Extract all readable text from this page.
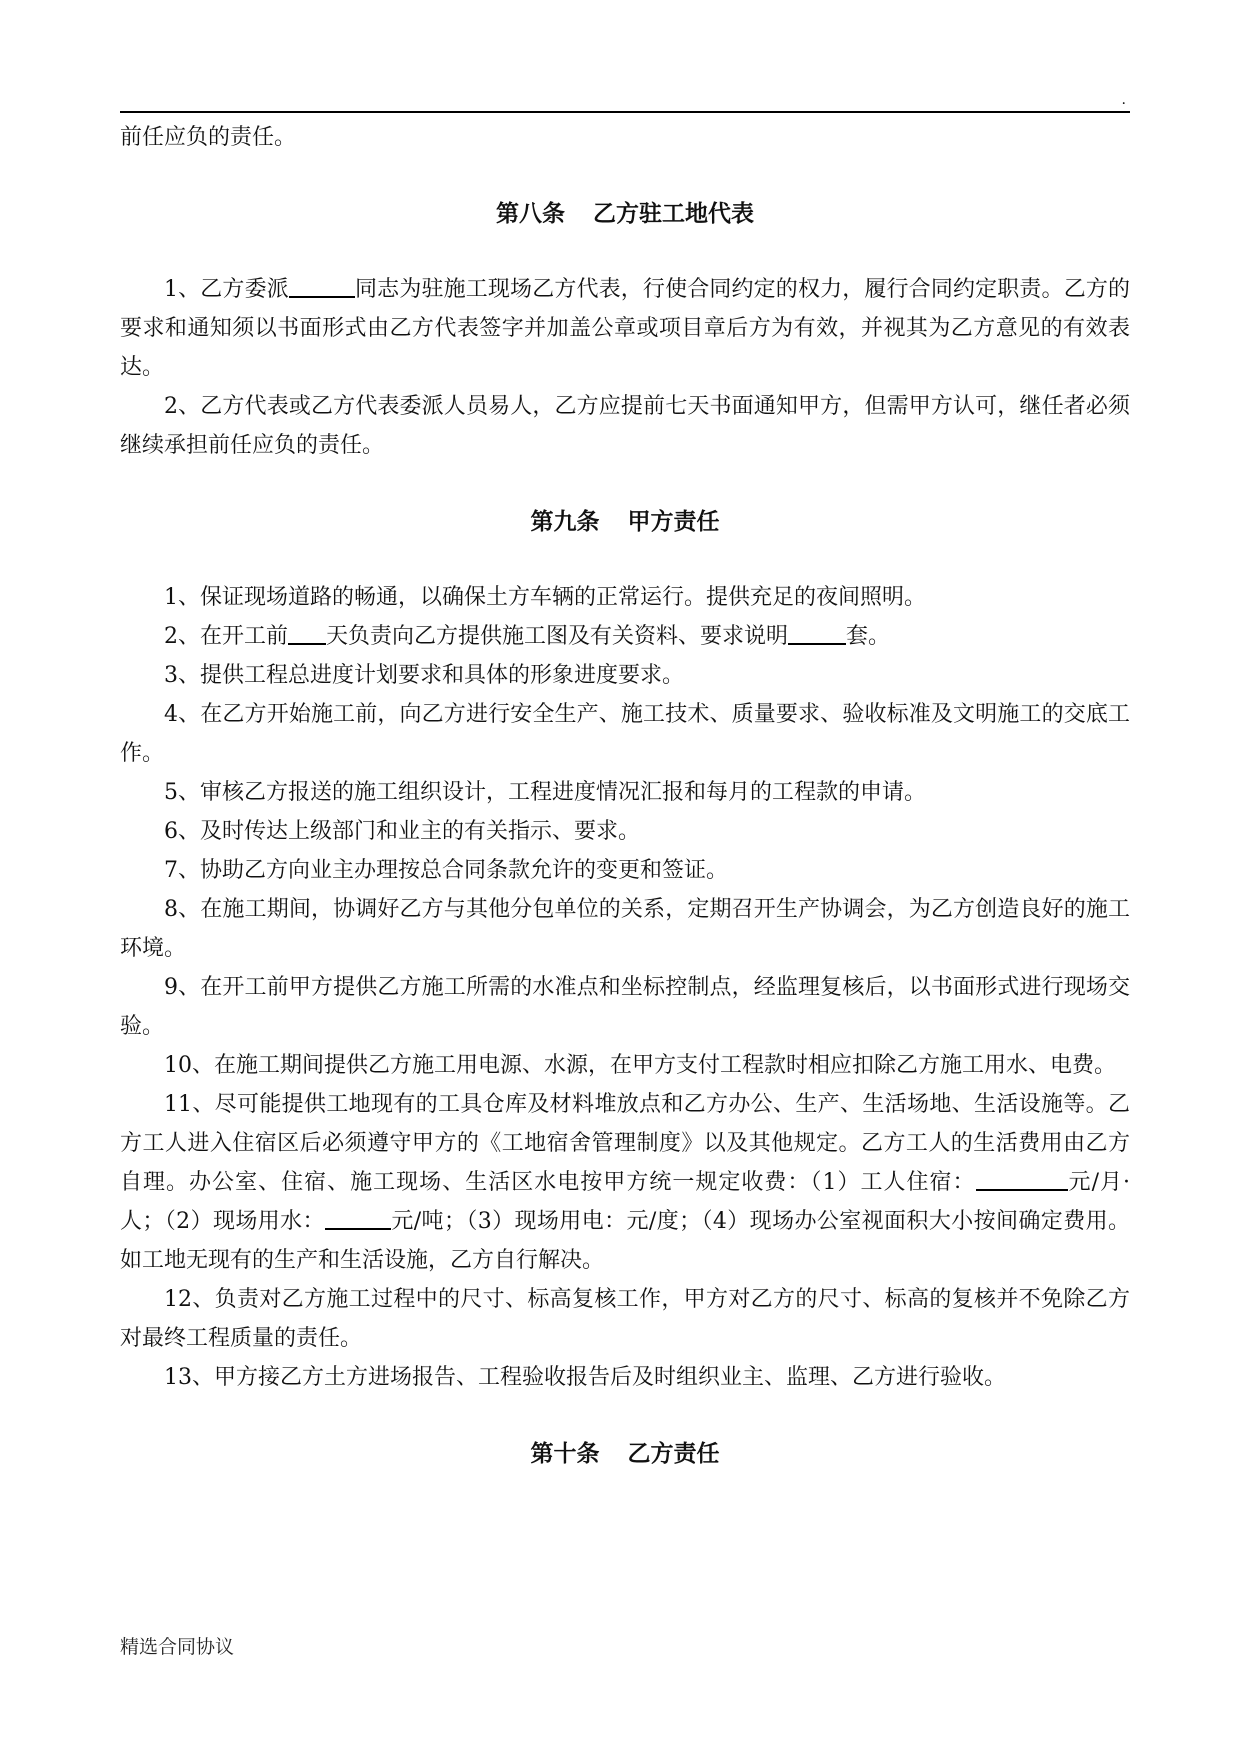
.

前任应负的责任。

第八条 乙方驻工地代表

1、乙方委派	同志为驻施工现场乙方代表，行使合同约定的权力，履行合同约定职责。乙方的要求和通知须以书面形式由乙方代表签字并加盖公章或项目章后方为有效，并视其为乙方意见的有效表达。

2、乙方代表或乙方代表委派人员易人，乙方应提前七天书面通知甲方，但需甲方认可，继任者必须继续承担前任应负的责任。

第九条 甲方责任

1、保证现场道路的畅通，以确保土方车辆的正常运行。提供充足的夜间照明。

2、在开工前 天负责向乙方提供施工图及有关资料、要求说明	套。

3、提供工程总进度计划要求和具体的形象进度要求。

4、在乙方开始施工前，向乙方进行安全生产、施工技术、质量要求、验收标准及文明施工的交底工作。

5、审核乙方报送的施工组织设计，工程进度情况汇报和每月的工程款的申请。

6、及时传达上级部门和业主的有关指示、要求。

7、协助乙方向业主办理按总合同条款允许的变更和签证。

8、在施工期间，协调好乙方与其他分包单位的关系，定期召开生产协调会，为乙方创造良好的施工环境。

9、在开工前甲方提供乙方施工所需的水准点和坐标控制点，经监理复核后，以书面形式进行现场交验。

10、在施工期间提供乙方施工用电源、水源，在甲方支付工程款时相应扣除乙方施工用水、电费。

11、尽可能提供工地现有的工具仓库及材料堆放点和乙方办公、生产、生活场地、生活设施等。乙方工人进入住宿区后必须遵守甲方的《工地宿舍管理制度》以及其他规定。乙方工人的生活费用由乙方自理。办公室、住宿、施工现场、生活区水电按甲方统一规定收费：（1）工人住宿：	元/月·人；（2）现场用水：	元/吨；（3）现场用电：元/度；（4）现场办公室视面积大小按间确定费用。如工地无现有的生产和生活设施，乙方自行解决。

12、负责对乙方施工过程中的尺寸、标高复核工作，甲方对乙方的尺寸、标高的复核并不免除乙方对最终工程质量的责任。

13、甲方接乙方土方进场报告、工程验收报告后及时组织业主、监理、乙方进行验收。

第十条 乙方责任
精选合同协议
